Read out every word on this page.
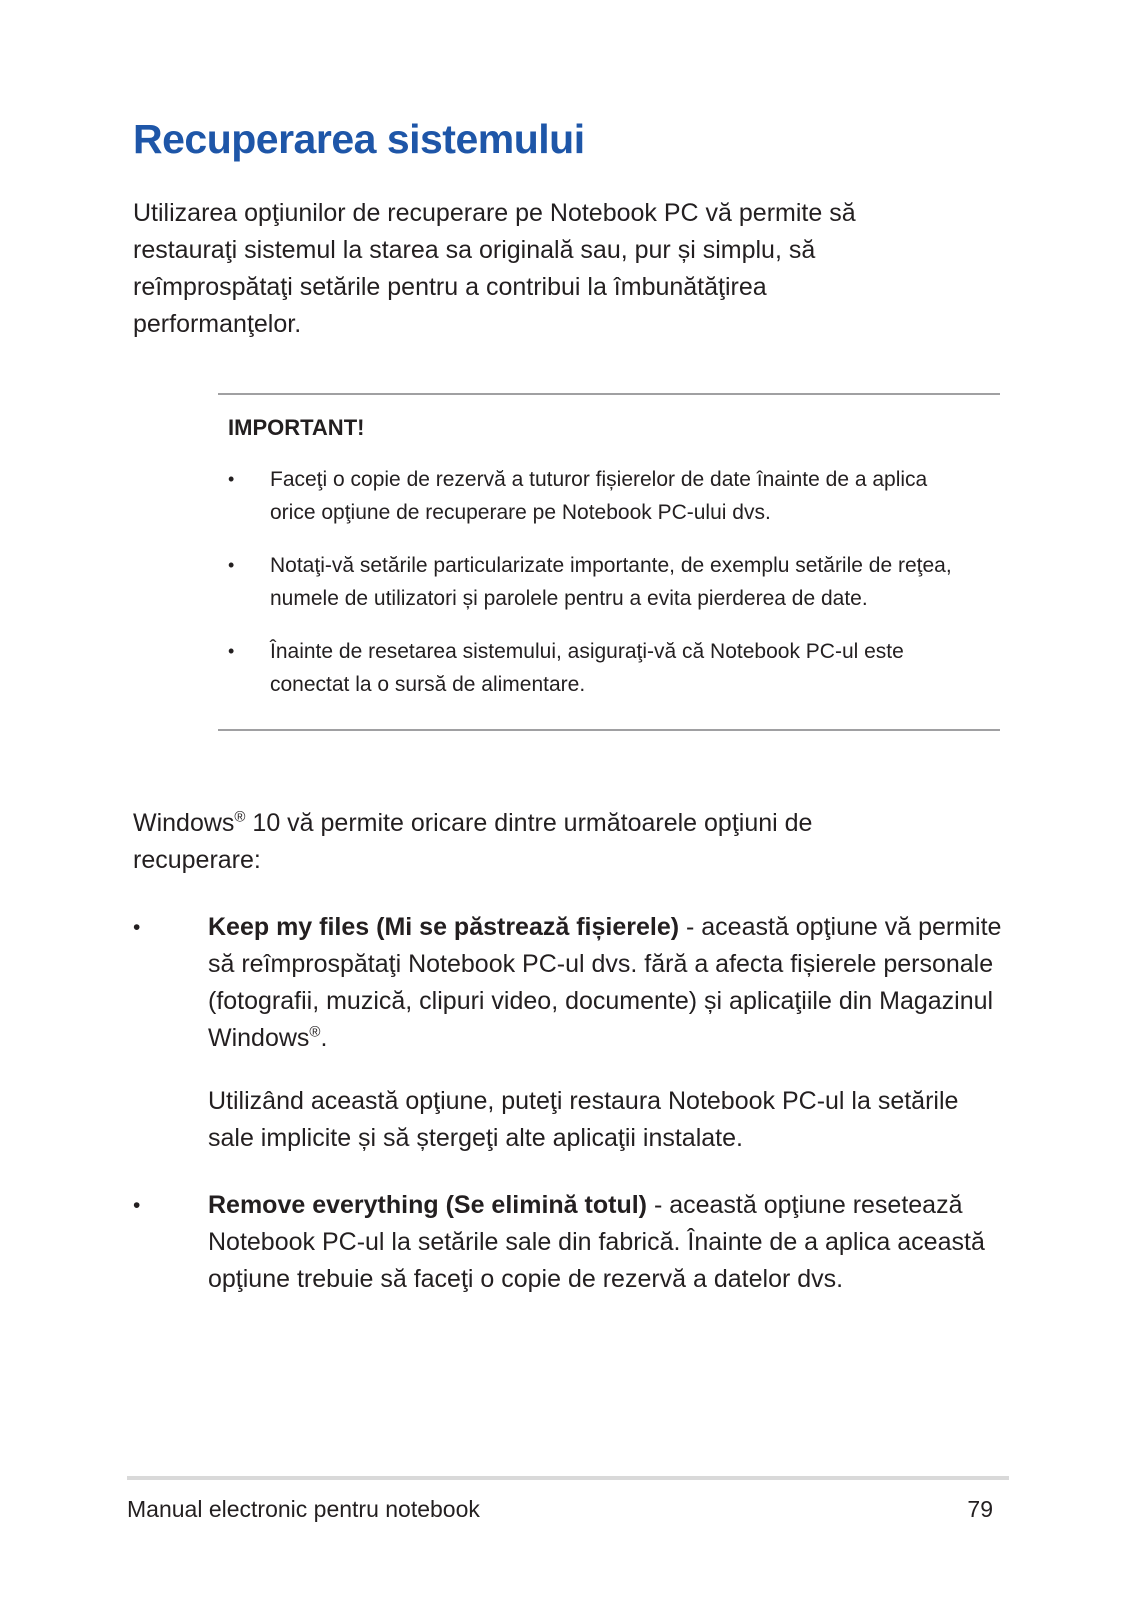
Recuperarea sistemului

Utilizarea opţiunilor de recuperare pe Notebook PC vă permite să restauraţi sistemul la starea sa originală sau, pur și simplu, să reîmprospătaţi setările pentru a contribui la îmbunătăţirea performanţelor.

IMPORTANT!
•	Faceţi o copie de rezervă a tuturor fișierelor de date înainte de a aplica orice opţiune de recuperare pe Notebook PC-ului dvs.

•	Notaţi-vă setările particularizate importante, de exemplu setările de reţea, numele de utilizatori și parolele pentru a evita pierderea de date.

•	Înainte de resetarea sistemului, asiguraţi-vă că Notebook PC-ul este conectat la o sursă de alimentare.

Windows® 10 vă permite oricare dintre următoarele opţiuni de recuperare:

•	Keep my files (Mi se păstrează fișierele) - această opţiune vă permite să reîmprospătaţi Notebook PC-ul dvs. fără a afecta fișierele personale (fotografii, muzică, clipuri video, documente) și aplicaţiile din Magazinul Windows®.

Utilizând această opţiune, puteţi restaura Notebook PC-ul la setările sale implicite și să ștergeţi alte aplicaţii instalate.

•	Remove everything (Se elimină totul) - această opţiune resetează Notebook PC-ul la setările sale din fabrică. Înainte de a aplica această opţiune trebuie să faceţi o copie de rezervă a datelor dvs.

Manual electronic pentru notebook	79
